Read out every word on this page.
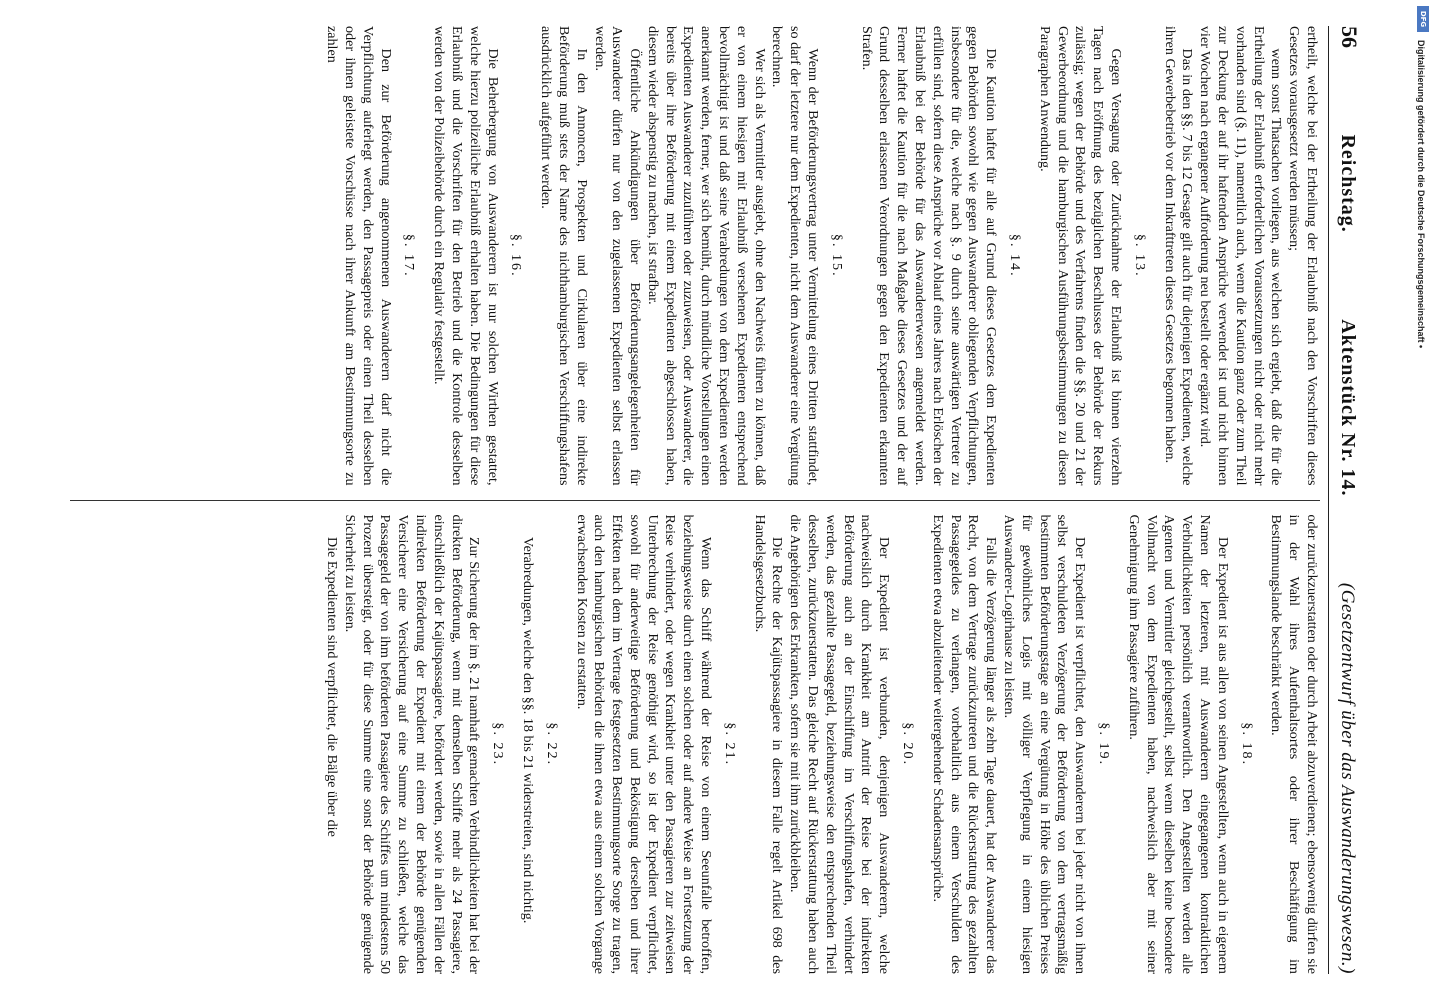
56
Reichstag.
Aktenstück Nr. 14.
(Gesetzentwurf über das Auswanderungswesen.)

ertheilt, welche bei der Ertheilung der Erlaubniß nach den Vorschriften dieses Gesetzes vorausgesetzt werden müssen;

wenn sonst Thatsachen vorliegen, aus welchen sich ergiebt, daß die für die Ertheilung der Erlaubniß erforderlichen Voraussetzungen nicht oder nicht mehr vorhanden sind (§. 11), namentlich auch, wenn die Kaution ganz oder zum Theil zur Deckung der auf ihr haftenden Ansprüche verwendet ist und nicht binnen vier Wochen nach ergangener Aufforderung neu bestellt oder ergänzt wird.

Das in den §§. 7 bis 12 Gesagte gilt auch für diejenigen Expedienten, welche ihren Gewerbebetrieb vor dem Inkrafttreten dieses Gesetzes begonnen haben.

§. 13.

Gegen Versagung oder Zurücknahme der Erlaubniß ist binnen vierzehn Tagen nach Eröffnung des bezüglichen Beschlusses der Behörde der Rekurs zulässig; wegen der Behörde und des Verfahrens finden die §§. 20 und 21 der Gewerbeordnung und die hamburgischen Ausführungsbestimmungen zu diesen Paragraphen Anwendung.

§. 14.

Die Kaution haftet für alle auf Grund dieses Gesetzes dem Expedienten gegen Behörden sowohl wie gegen Auswanderer obliegenden Verpflichtungen, insbesondere für die, welche nach §. 9 durch seine auswärtigen Vertreter zu erfüllen sind, sofern diese Ansprüche vor Ablauf eines Jahres nach Erlöschen der Erlaubniß bei der Behörde für das Auswandererwesen angemeldet werden. Ferner haftet die Kaution für die nach Maßgabe dieses Gesetzes und der auf Grund desselben erlassenen Verordnungen gegen den Expedienten erkannten Strafen.

§. 15.

Wenn der Beförderungsvertrag unter Vermittelung eines Dritten stattfindet, so darf der letztere nur dem Expedienten, nicht dem Auswanderer eine Vergütung berechnen.

Wer sich als Vermittler ausgiebt, ohne den Nachweis führen zu können, daß er von einem hiesigen mit Erlaubniß versehenen Expedienten entsprechend bevollmächtigt ist und daß seine Verabredungen von dem Expedienten werden anerkannt werden, ferner, wer sich bemüht, durch mündliche Vorstellungen einen Expedienten Auswanderer zuzuführen oder zuzuweisen, oder Auswanderer, die bereits über ihre Beförderung mit einem Expedienten abgeschlossen haben, diesem wieder abspenstig zu machen, ist strafbar.

Öffentliche Ankündigungen über Beförderungsangelegenheiten für Auswanderer dürfen nur von den zugelassenen Expedienten selbst erlassen werden.

In den Annoncen, Prospekten und Cirkularen über eine indirekte Beförderung muß stets der Name des nichthamburgischen Verschiffungshafens ausdrücklich aufgeführt werden.

§. 16.

Die Beherbergung von Auswanderern ist nur solchen Wirthen gestattet, welche hierzu polizeiliche Erlaubniß erhalten haben. Die Bedingungen für diese Erlaubniß und die Vorschriften für den Betrieb und die Kontrole desselben werden von der Polizeibehörde durch ein Regulativ festgestellt.

§. 17.

Den zur Beförderung angenommenen Auswanderern darf nicht die Verpflichtung auferlegt werden, den Passagepreis oder einen Theil desselben oder ihnen geleistete Vorschüsse nach ihrer Ankunft am Bestimmungsorte zu zahlen

oder zurückzuerstatten oder durch Arbeit abzuverdienen; ebensowenig dürfen sie in der Wahl ihres Aufenthaltsortes oder ihrer Beschäftigung im Bestimmungslande beschränkt werden.

§. 18.

Der Expedient ist aus allen von seinen Angestellten, wenn auch in eigenem Namen der letzteren, mit Auswanderern eingegangenen kontraktlichen Verbindlichkeiten persönlich verantwortlich. Den Angestellten werden alle Agenten und Vermittler gleichgestellt, selbst wenn dieselben keine besondere Vollmacht von dem Expedienten haben, nachweislich aber mit seiner Genehmigung ihm Passagiere zuführen.

§. 19.

Der Expedient ist verpflichtet, den Auswanderern bei jeder nicht von ihnen selbst verschuldeten Verzögerung der Beförderung von dem vertragsmäßig bestimmten Beförderungstage an eine Vergütung in Höhe des üblichen Preises für gewöhnliches Logis mit völliger Verpflegung in einem hiesigen Auswanderer-Logirhause zu leisten.

Falls die Verzögerung länger als zehn Tage dauert, hat der Auswanderer das Recht, von dem Vertrage zurückzutreten und die Rückerstattung des gezahlten Passagegeldes zu verlangen, vorbehaltlich aus einem Verschulden des Expedienten etwa abzuleitender weitergehender Schadensansprüche.

§. 20.

Der Expedient ist verbunden, denjenigen Auswanderern, welche nachweislich durch Krankheit am Antritt der Reise bei der indirekten Beförderung auch an der Einschiffung im Verschiffungshafen, verhindert werden, das gezahlte Passagegeld, beziehungsweise den entsprechenden Theil desselben, zurückzuerstatten. Das gleiche Recht auf Rückerstattung haben auch die Angehörigen des Erkrankten, sofern sie mit ihm zurückbleiben.

Die Rechte der Kajütspassagiere in diesem Falle regelt Artikel 698 des Handelsgesetzbuchs.

§. 21.

Wenn das Schiff während der Reise von einem Seeunfalle betroffen, beziehungsweise durch einen solchen oder auf andere Weise an Fortsetzung der Reise verhindert, oder wegen Krankheit unter den Passagieren zur zeitweisen Unterbrechung der Reise genöthigt wird, so ist der Expedient verpflichtet, sowohl für anderweitige Beförderung und Beköstigung derselben und ihrer Effekten nach dem im Vertrage festgesetzten Bestimmungsorte Sorge zu tragen, auch den hamburgischen Behörden die ihnen etwa aus einem solchen Vorgange erwachsenden Kosten zu erstatten.

§. 22.

Verabredungen, welche den §§. 18 bis 21 widerstreiten, sind nichtig.

§. 23.

Zur Sicherung der im §. 21 namhaft gemachten Verbindlichkeiten hat bei der direkten Beförderung, wenn mit demselben Schiffe mehr als 24 Passagiere, einschließlich der Kajütspassagiere, befördert werden, sowie in allen Fällen der indirekten Beförderung der Expedient mit einem der Behörde genügenden Versicherer eine Versicherung auf eine Summe zu schließen, welche das Passagegeld der von ihm beförderten Passagiere des Schiffes um mindestens 50 Prozent übersteigt, oder für diese Summe eine sonst der Behörde genügende Sicherheit zu leisten.

Die Expedienten sind verpflichtet, die Bälge über die

DFG
Digitalisierung gefördert durch die Deutsche Forschungsgemeinschaft •
